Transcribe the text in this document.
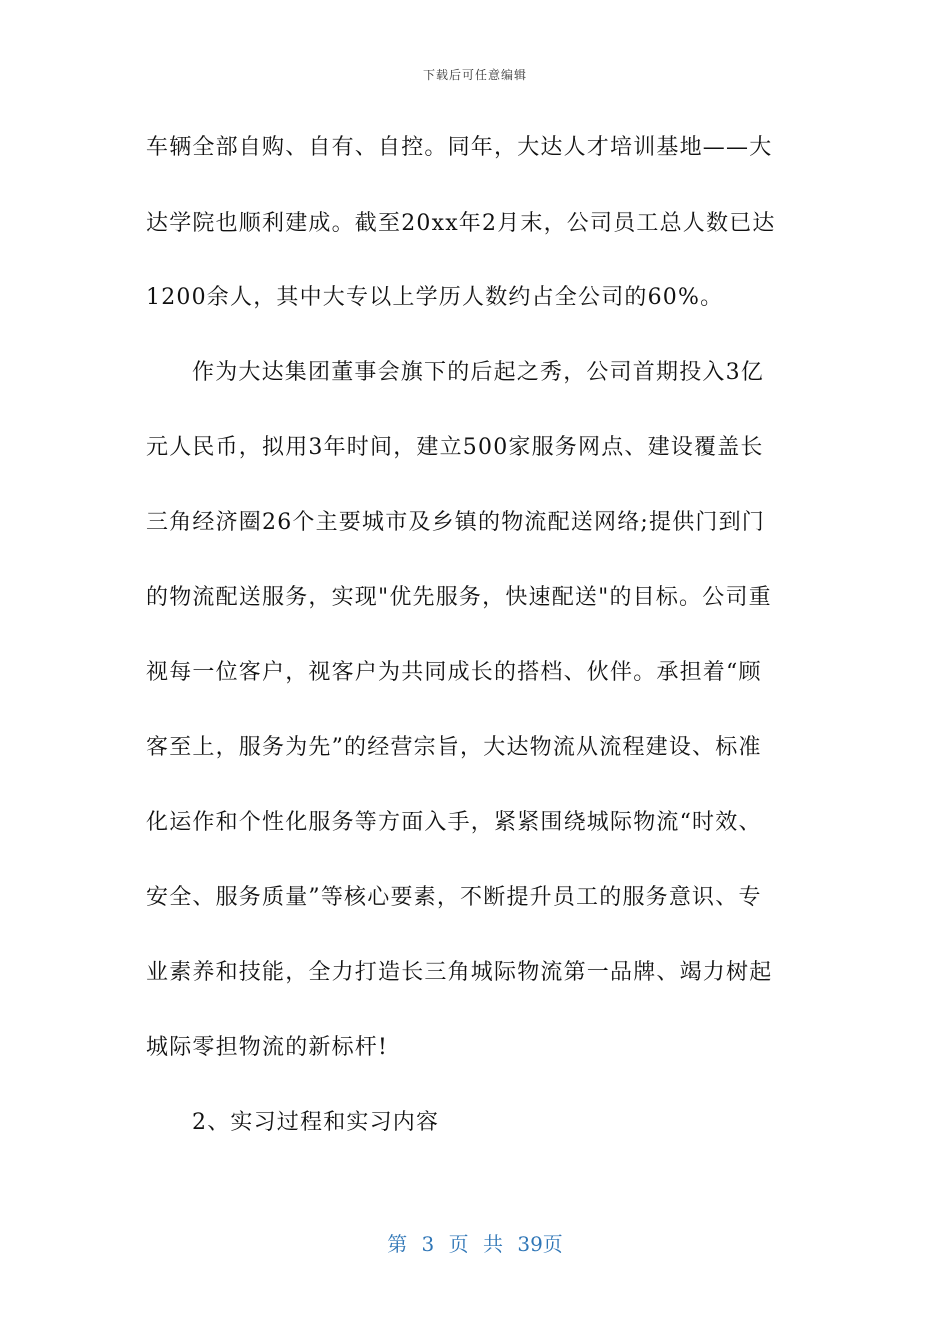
下载后可任意编辑
车辆全部自购、自有、自控。同年，大达人才培训基地——大
达学院也顺利建成。截至20xx年2月末，公司员工总人数已达
1200余人，其中大专以上学历人数约占全公司的60%。
作为大达集团董事会旗下的后起之秀，公司首期投入3亿
元人民币，拟用3年时间，建立500家服务网点、建设覆盖长
三角经济圈26个主要城市及乡镇的物流配送网络;提供门到门
的物流配送服务，实现"优先服务，快速配送"的目标。公司重
视每一位客户，视客户为共同成长的搭档、伙伴。承担着“顾
客至上，服务为先”的经营宗旨，大达物流从流程建设、标准
化运作和个性化服务等方面入手，紧紧围绕城际物流“时效、
安全、服务质量”等核心要素，不断提升员工的服务意识、专
业素养和技能，全力打造长三角城际物流第一品牌、竭力树起
城际零担物流的新标杆!
2、实习过程和实习内容
第 3 页 共 39页
